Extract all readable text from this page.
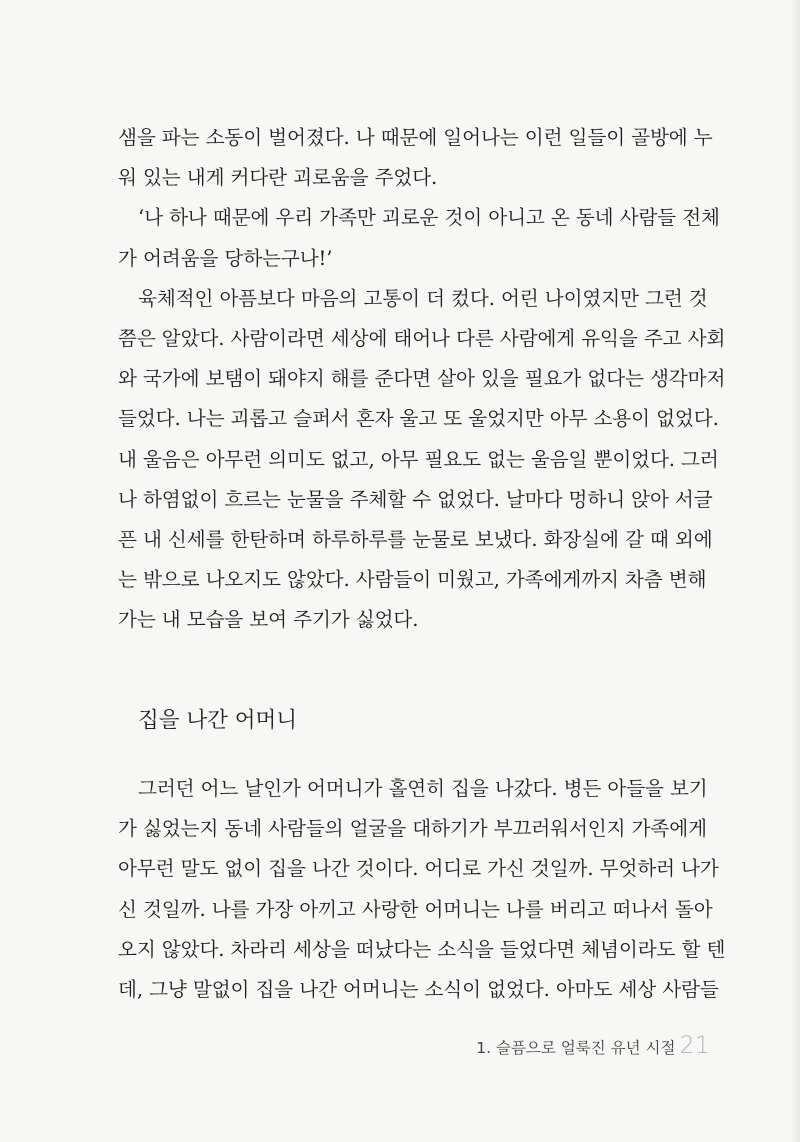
샘을 파는 소동이 벌어졌다. 나 때문에 일어나는 이런 일들이 골방에 누
워 있는 내게 커다란 괴로움을 주었다.
‘나 하나 때문에 우리 가족만 괴로운 것이 아니고 온 동네 사람들 전체
가 어려움을 당하는구나!’
육체적인 아픔보다 마음의 고통이 더 컸다. 어린 나이였지만 그런 것
쯤은 알았다. 사람이라면 세상에 태어나 다른 사람에게 유익을 주고 사회
와 국가에 보탬이 돼야지 해를 준다면 살아 있을 필요가 없다는 생각마저
들었다. 나는 괴롭고 슬퍼서 혼자 울고 또 울었지만 아무 소용이 없었다.
내 울음은 아무런 의미도 없고, 아무 필요도 없는 울음일 뿐이었다. 그러
나 하염없이 흐르는 눈물을 주체할 수 없었다. 날마다 멍하니 앉아 서글
픈 내 신세를 한탄하며 하루하루를 눈물로 보냈다. 화장실에 갈 때 외에
는 밖으로 나오지도 않았다. 사람들이 미웠고, 가족에게까지 차츰 변해
가는 내 모습을 보여 주기가 싫었다.
집을 나간 어머니
그러던 어느 날인가 어머니가 홀연히 집을 나갔다. 병든 아들을 보기
가 싫었는지 동네 사람들의 얼굴을 대하기가 부끄러워서인지 가족에게
아무런 말도 없이 집을 나간 것이다. 어디로 가신 것일까. 무엇하러 나가
신 것일까. 나를 가장 아끼고 사랑한 어머니는 나를 버리고 떠나서 돌아
오지 않았다. 차라리 세상을 떠났다는 소식을 들었다면 체념이라도 할 텐
데, 그냥 말없이 집을 나간 어머니는 소식이 없었다. 아마도 세상 사람들
1. 슬픔으로 얼룩진 유년 시절 21
